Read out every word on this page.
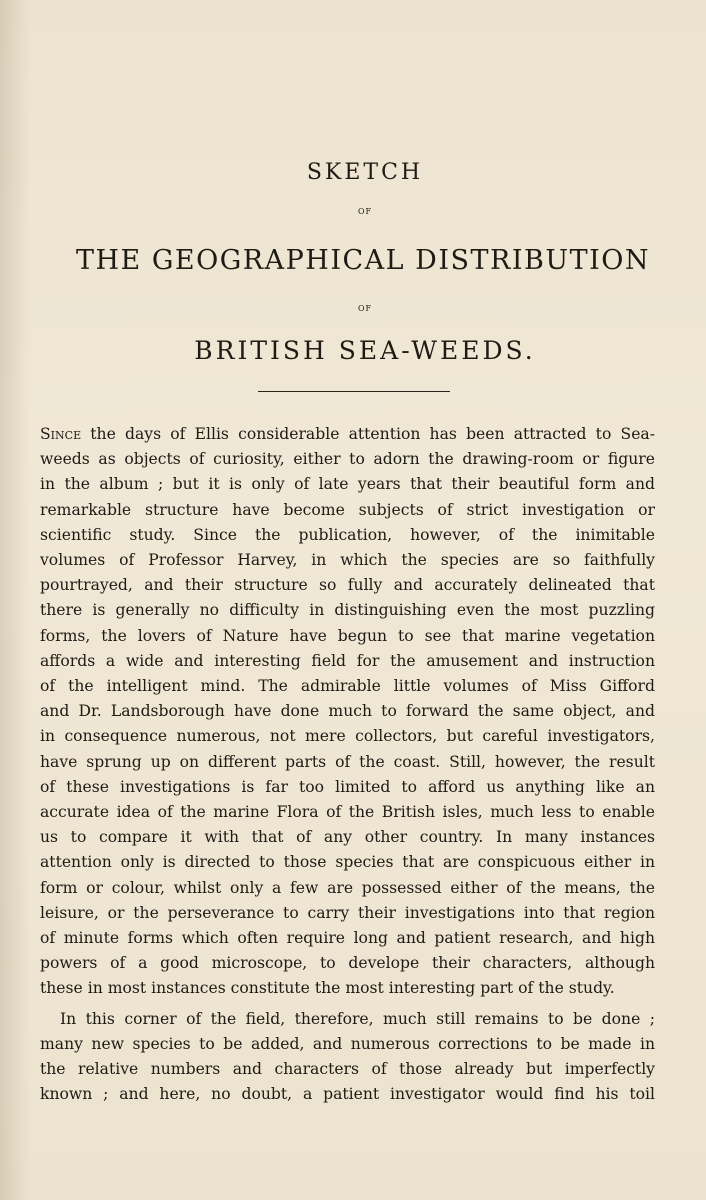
SKETCH
OF
THE GEOGRAPHICAL DISTRIBUTION
OF
BRITISH SEA-WEEDS.

Since the days of Ellis considerable attention has been attracted to Sea-
weeds as objects of curiosity, either to adorn the drawing-room or figure
in the album ; but it is only of late years that their beautiful form and
remarkable structure have become subjects of strict investigation or
scientific study. Since the publication, however, of the inimitable
volumes of Professor Harvey, in which the species are so faithfully
pourtrayed, and their structure so fully and accurately delineated that
there is generally no difficulty in distinguishing even the most puzzling
forms, the lovers of Nature have begun to see that marine vegetation
affords a wide and interesting field for the amusement and instruction
of the intelligent mind. The admirable little volumes of Miss Gifford
and Dr. Landsborough have done much to forward the same object, and
in consequence numerous, not mere collectors, but careful investigators,
have sprung up on different parts of the coast. Still, however, the result
of these investigations is far too limited to afford us anything like an
accurate idea of the marine Flora of the British isles, much less to enable
us to compare it with that of any other country. In many instances
attention only is directed to those species that are conspicuous either in
form or colour, whilst only a few are possessed either of the means, the
leisure, or the perseverance to carry their investigations into that region
of minute forms which often require long and patient research, and high
powers of a good microscope, to develope their characters, although
these in most instances constitute the most interesting part of the study.

In this corner of the field, therefore, much still remains to be done ;
many new species to be added, and numerous corrections to be made in
the relative numbers and characters of those already but imperfectly
known ; and here, no doubt, a patient investigator would find his toil
